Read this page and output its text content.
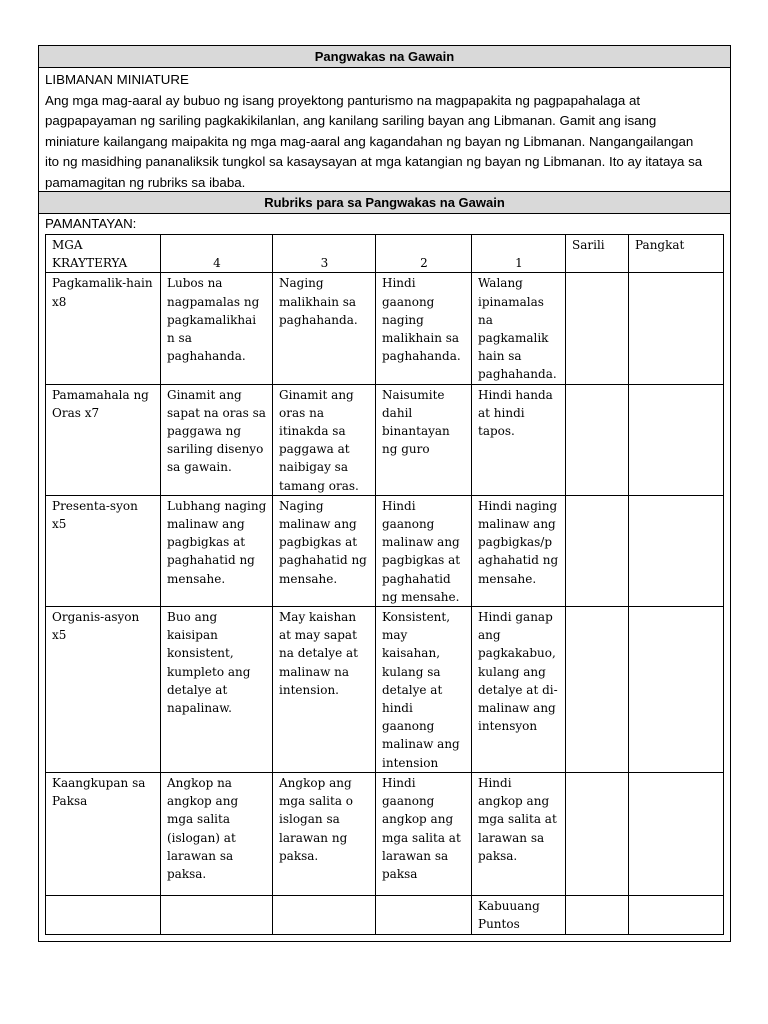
Pangwakas na Gawain

LIBMANAN MINIATURE

Ang mga mag-aaral ay bubuo ng isang proyektong panturismo na magpapakita ng pagpapahalaga at

pagpapayaman ng sariling pagkakikilanlan, ang kanilang sariling bayan ang Libmanan. Gamit ang isang

miniature kailangang maipakita ng mga mag-aaral ang kagandahan ng bayan ng Libmanan. Nangangailangan

ito ng masidhing pananaliksik tungkol sa kasaysayan at mga katangian ng bayan ng Libmanan. Ito ay itataya sa

pamamagitan ng rubriks sa ibaba.

Rubriks para sa Pangwakas na Gawain
PAMANTAYAN:
MGA KRAYTERYA	4	3	2	1	Sarili	Pangkat
Pagkamalik-hain x8	Lubos na nagpamalas ng pagkamalikhai n sa paghahanda.	Naging malikhain sa paghahanda.	Hindi gaanong naging malikhain sa paghahanda.	Walang ipinamalas na pagkamalik hain sa paghahanda.		
Pamamahala ng Oras x7	Ginamit ang sapat na oras sa paggawa ng sariling disenyo sa gawain.	Ginamit ang oras na itinakda sa paggawa at naibigay sa tamang oras.	Naisumite dahil binantayan ng guro	Hindi handa at hindi tapos.		
Presenta-syon x5	Lubhang naging malinaw ang pagbigkas at paghahatid ng mensahe.	Naging malinaw ang pagbigkas at paghahatid ng mensahe.	Hindi gaanong malinaw ang pagbigkas at paghahatid ng mensahe.	Hindi naging malinaw ang pagbigkas/p aghahatid ng mensahe.		
Organis-asyon x5	Buo ang kaisipan konsistent, kumpleto ang detalye at napalinaw.	May kaishan at may sapat na detalye at malinaw na intension.	Konsistent, may kaisahan, kulang sa detalye at hindi gaanong malinaw ang intension	Hindi ganap ang pagkakabuo, kulang ang detalye at di-malinaw ang intensyon		
Kaangkupan sa Paksa	Angkop na angkop ang mga salita (islogan) at larawan sa paksa.	Angkop ang mga salita o islogan sa larawan ng paksa.	Hindi gaanong angkop ang mga salita at larawan sa paksa	Hindi angkop ang mga salita at larawan sa paksa.		
				Kabuuang Puntos		
